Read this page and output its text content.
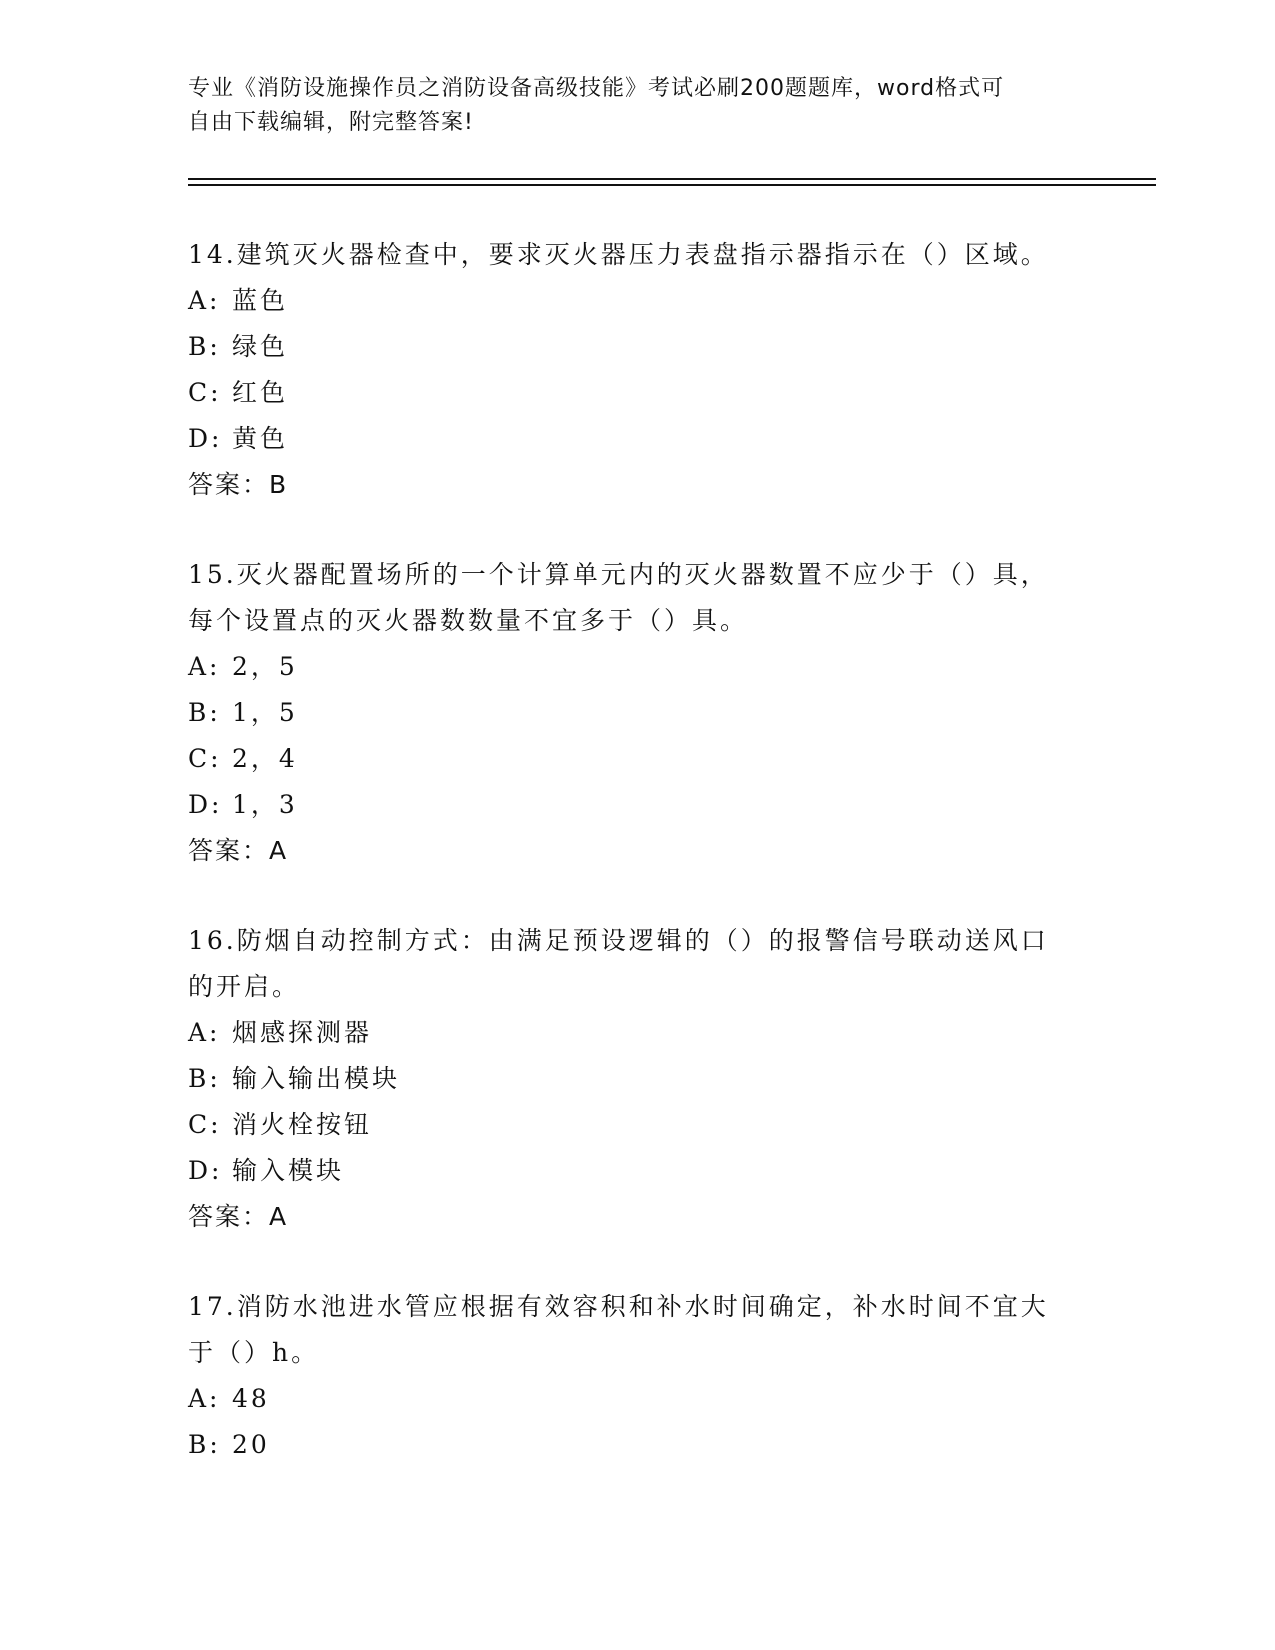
专业《消防设施操作员之消防设备高级技能》考试必刷200题题库，word格式可
自由下载编辑，附完整答案!
14.建筑灭火器检查中，要求灭火器压力表盘指示器指示在（）区域。
A: 蓝色
B: 绿色
C: 红色
D: 黄色
答案：B
15.灭火器配置场所的一个计算单元内的灭火器数置不应少于（）具，
每个设置点的灭火器数数量不宜多于（）具。
A: 2，5
B: 1，5
C: 2，4
D: 1，3
答案：A
16.防烟自动控制方式：由满足预设逻辑的（）的报警信号联动送风口
的开启。
A: 烟感探测器
B: 输入输出模块
C: 消火栓按钮
D: 输入模块
答案：A
17.消防水池进水管应根据有效容积和补水时间确定，补水时间不宜大
于（）h。
A: 48
B: 20
